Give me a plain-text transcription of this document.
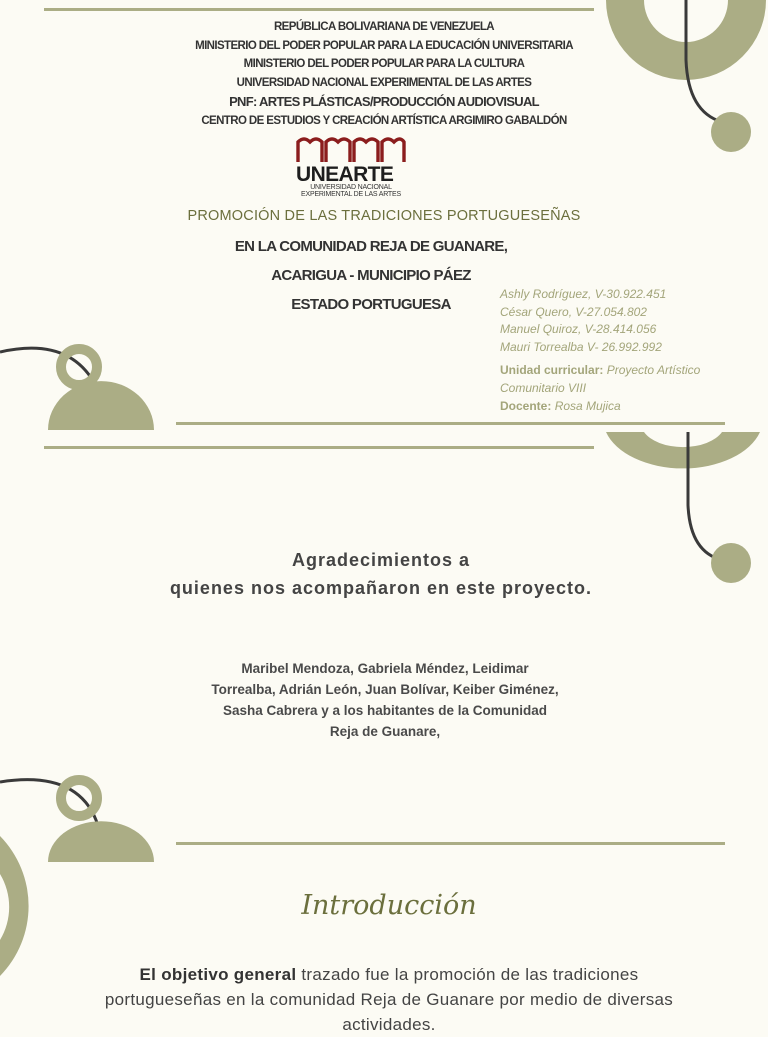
REPÚBLICA BOLIVARIANA DE VENEZUELA
MINISTERIO DEL PODER POPULAR PARA LA EDUCACIÓN UNIVERSITARIA
MINISTERIO DEL PODER POPULAR PARA LA CULTURA
UNIVERSIDAD NACIONAL EXPERIMENTAL DE LAS ARTES
PNF: ARTES PLÁSTICAS/PRODUCCIÓN AUDIOVISUAL
CENTRO DE ESTUDIOS Y CREACIÓN ARTÍSTICA ARGIMIRO GABALDÓN
UNEARTE
UNIVERSIDAD NACIONAL
EXPERIMENTAL DE LAS ARTES
PROMOCIÓN DE LAS TRADICIONES PORTUGUESEÑAS
EN LA COMUNIDAD REJA DE GUANARE,
ACARIGUA - MUNICIPIO PÁEZ
ESTADO PORTUGUESA
Ashly Rodríguez, V-30.922.451
César Quero, V-27.054.802
Manuel Quiroz, V-28.414.056
Mauri Torrealba V- 26.992.992
Unidad curricular: Proyecto Artístico Comunitario VIII
Docente: Rosa Mujica
Agradecimientos a
quienes nos acompañaron en este proyecto.
Maribel Mendoza, Gabriela Méndez, Leidimar Torrealba, Adrián León, Juan Bolívar, Keiber Giménez, Sasha Cabrera y a los habitantes de la Comunidad Reja de Guanare,
Introducción
El objetivo general trazado fue la promoción de las tradiciones portugueseñas en la comunidad Reja de Guanare por medio de diversas actividades.
